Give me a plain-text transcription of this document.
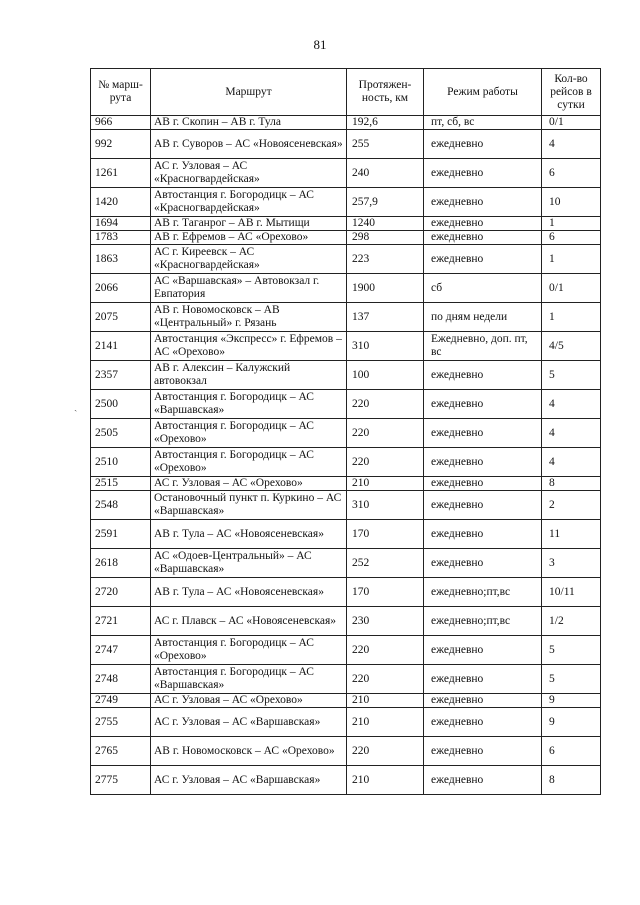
81
ˎ
№ марш-рута	Маршрут	Протяжен-ность, км	Режим работы	Кол-во рейсов в сутки
966	АВ г. Скопин – АВ г. Тула	192,6	пт, сб, вс	0/1
992	АВ г. Суворов – АС «Новоясеневская»	255	ежедневно	4
1261	АС г. Узловая – АС «Красногвардейская»	240	ежедневно	6
1420	Автостанция г. Богородицк – АС «Красногвардейская»	257,9	ежедневно	10
1694	АВ г. Таганрог – АВ г. Мытищи	1240	ежедневно	1
1783	АВ г. Ефремов – АС «Орехово»	298	ежедневно	6
1863	АС г. Киреевск – АС «Красногвардейская»	223	ежедневно	1
2066	АС «Варшавская» – Автовокзал г. Евпатория	1900	сб	0/1
2075	АВ г. Новомосковск – АВ «Центральный» г. Рязань	137	по дням недели	1
2141	Автостанция «Экспресс» г. Ефремов – АС «Орехово»	310	Ежедневно, доп. пт, вс	4/5
2357	АВ г. Алексин – Калужский автовокзал	100	ежедневно	5
2500	Автостанция г. Богородицк – АС «Варшавская»	220	ежедневно	4
2505	Автостанция г. Богородицк – АС «Орехово»	220	ежедневно	4
2510	Автостанция г. Богородицк – АС «Орехово»	220	ежедневно	4
2515	АС г. Узловая – АС «Орехово»	210	ежедневно	8
2548	Остановочный пункт п. Куркино – АС «Варшавская»	310	ежедневно	2
2591	АВ г. Тула – АС «Новоясеневская»	170	ежедневно	11
2618	АС «Одоев-Центральный» – АС «Варшавская»	252	ежедневно	3
2720	АВ г. Тула – АС «Новоясеневская»	170	ежедневно;пт,вс	10/11
2721	АС г. Плавск – АС «Новоясеневская»	230	ежедневно;пт,вс	1/2
2747	Автостанция г. Богородицк – АС «Орехово»	220	ежедневно	5
2748	Автостанция г. Богородицк – АС «Варшавская»	220	ежедневно	5
2749	АС г. Узловая – АС «Орехово»	210	ежедневно	9
2755	АС г. Узловая – АС «Варшавская»	210	ежедневно	9
2765	АВ г. Новомосковск – АС «Орехово»	220	ежедневно	6
2775	АС г. Узловая – АС «Варшавская»	210	ежедневно	8
